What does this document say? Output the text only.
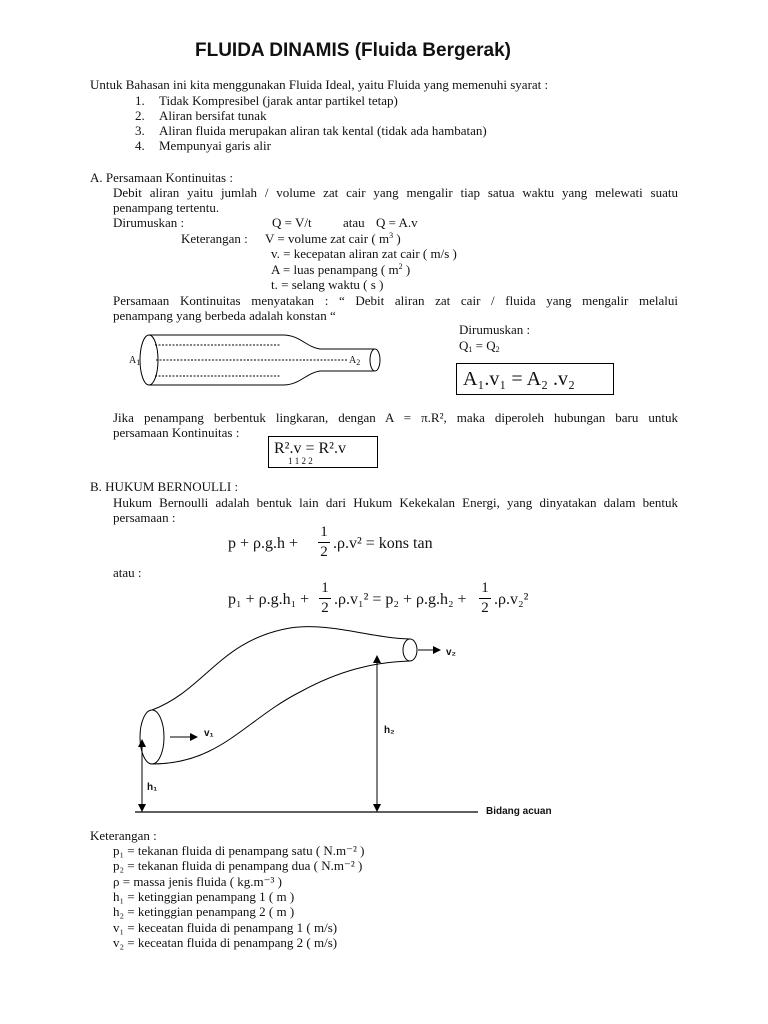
FLUIDA DINAMIS (Fluida Bergerak)
Untuk Bahasan ini kita menggunakan Fluida Ideal, yaitu Fluida yang memenuhi syarat :
1. Tidak Kompresibel (jarak antar partikel tetap)
2. Aliran bersifat tunak
3. Aliran fluida merupakan aliran tak kental (tidak ada hambatan)
4. Mempunyai garis alir
A. Persamaan Kontinuitas :
Debit aliran yaitu jumlah / volume zat cair yang mengalir tiap satua waktu yang melewati suatu
penampang tertentu.
Dirumuskan :	Q = V/t atau Q = A.v
Keterangan : V = volume zat cair ( $m^3$ )
v. = kecepatan aliran zat cair ( m/s )
A = luas penampang ( $m^2$ )
t. = selang waktu ( s )
Persamaan Kontinuitas menyatakan : “ Debit aliran zat cair / fluida yang mengalir melalui
penampang yang berbeda adalah konstan “
Dirumuskan :
$Q_1 = Q_2$
$A_1$	$A_2$
A₁.v₁ = A₂ .v₂
Jika penampang berbentuk lingkaran, dengan A = π.R², maka diperoleh hubungan baru untuk
persamaan Kontinuitas :
R².v = R².v
1 1 2 2
B. HUKUM BERNOULLI :
Hukum Bernoulli adalah bentuk lain dari Hukum Kekekalan Energi, yang dinyatakan dalam bentuk
persamaan :
p + ρ.g.h +
1
2 .ρ.v² = kons tan
atau :
p₁ + ρ.g.h₁ +
1
2 .ρ.v₁² = p₂ + ρ.g.h₂ +
1
2 .ρ.v₂²
v₁
v₂
h₁
h₂
Bidang acuan
Keterangan :
p₁ = tekanan fluida di penampang satu ( N.m⁻² )
p₂ = tekanan fluida di penampang dua ( N.m⁻² )
ρ = massa jenis fluida ( kg.m⁻³ )
h₁ = ketinggian penampang 1 ( m )
h₂ = ketinggian penampang 2 ( m )
v₁ = keceatan fluida di penampang 1 ( m/s)
v₂ = keceatan fluida di penampang 2 ( m/s)
